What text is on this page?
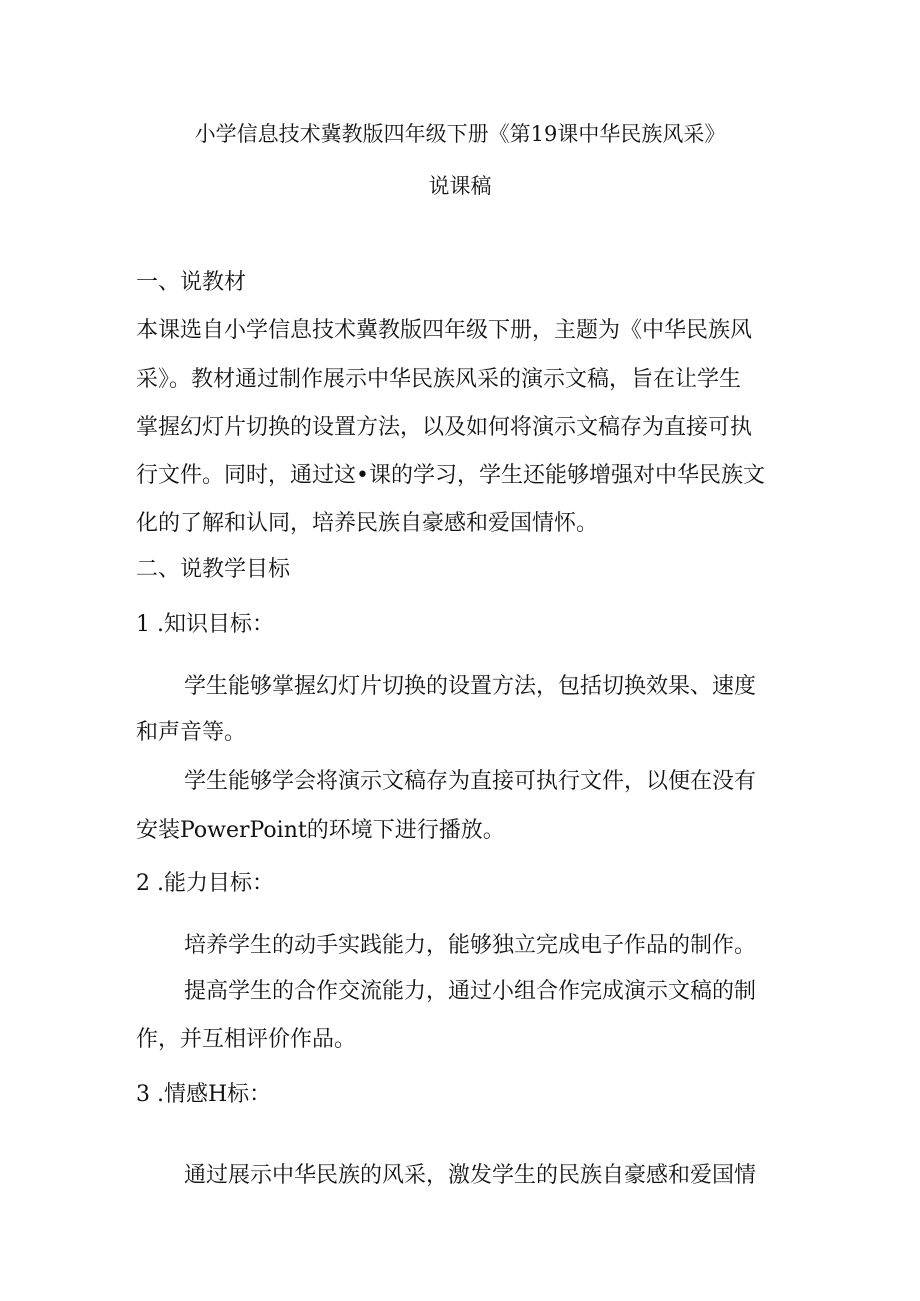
小学信息技术冀教版四年级下册《第19课中华民族风采》
说课稿
一、说教材
本课选自小学信息技术冀教版四年级下册，主题为《中华民族风
采》。教材通过制作展示中华民族风采的演示文稿，旨在让学生
掌握幻灯片切换的设置方法，以及如何将演示文稿存为直接可执
行文件。同时，通过这•课的学习，学生还能够增强对中华民族文
化的了解和认同，培养民族自豪感和爱国情怀。
二、说教学目标
1 .知识目标：
学生能够掌握幻灯片切换的设置方法，包括切换效果、速度
和声音等。
学生能够学会将演示文稿存为直接可执行文件，以便在没有
安装PowerPoint的环境下进行播放。
2 .能力目标：
培养学生的动手实践能力，能够独立完成电子作品的制作。
提高学生的合作交流能力，通过小组合作完成演示文稿的制
作，并互相评价作品。
3 .情感H标：
通过展示中华民族的风采，激发学生的民族自豪感和爱国情
